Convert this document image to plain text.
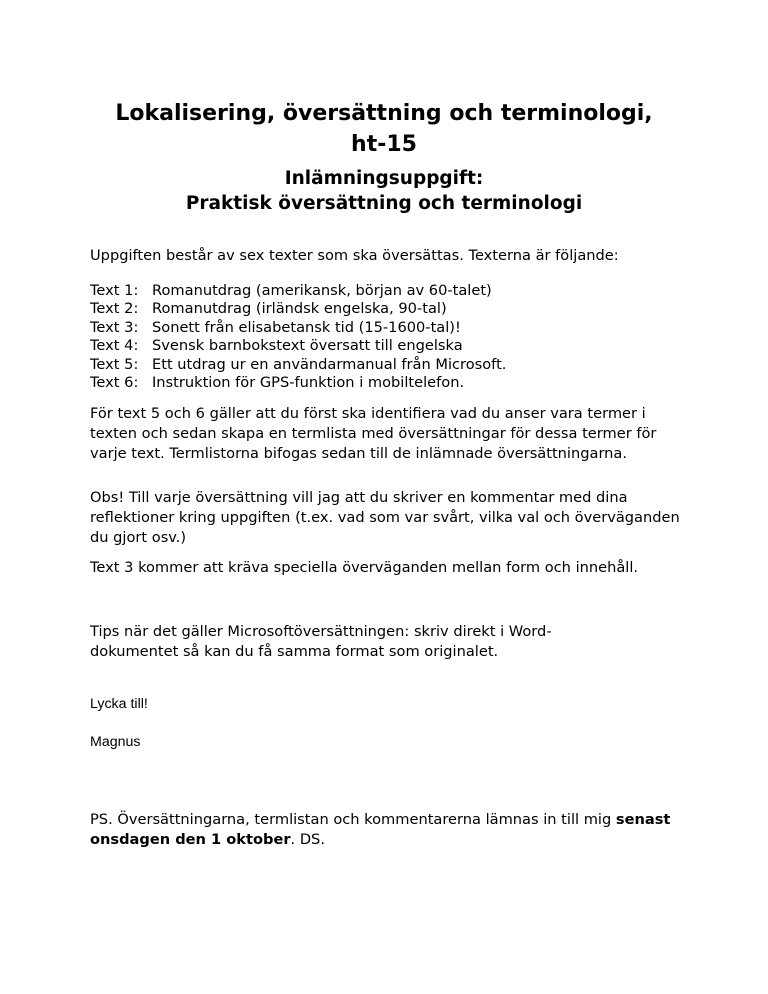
Lokalisering, översättning och terminologi,
ht-15
Inlämningsuppgift:
Praktisk översättning och terminologi

Uppgiften består av sex texter som ska översättas. Texterna är följande:

Text 1: Romanutdrag (amerikansk, början av 60-talet)
Text 2: Romanutdrag (irländsk engelska, 90-tal)
Text 3: Sonett från elisabetansk tid (15-1600-tal)!
Text 4: Svensk barnbokstext översatt till engelska
Text 5: Ett utdrag ur en användarmanual från Microsoft.
Text 6: Instruktion för GPS-funktion i mobiltelefon.

För text 5 och 6 gäller att du först ska identifiera vad du anser vara termer i texten och sedan skapa en termlista med översättningar för dessa termer för varje text. Termlistorna bifogas sedan till de inlämnade översättningarna.

Obs! Till varje översättning vill jag att du skriver en kommentar med dina reflektioner kring uppgiften (t.ex. vad som var svårt, vilka val och överväganden du gjort osv.)

Text 3 kommer att kräva speciella överväganden mellan form och innehåll.

Tips när det gäller Microsoftöversättningen: skriv direkt i Word-dokumentet så kan du få samma format som originalet.

Lycka till!

Magnus

PS. Översättningarna, termlistan och kommentarerna lämnas in till mig senast onsdagen den 1 oktober. DS.
